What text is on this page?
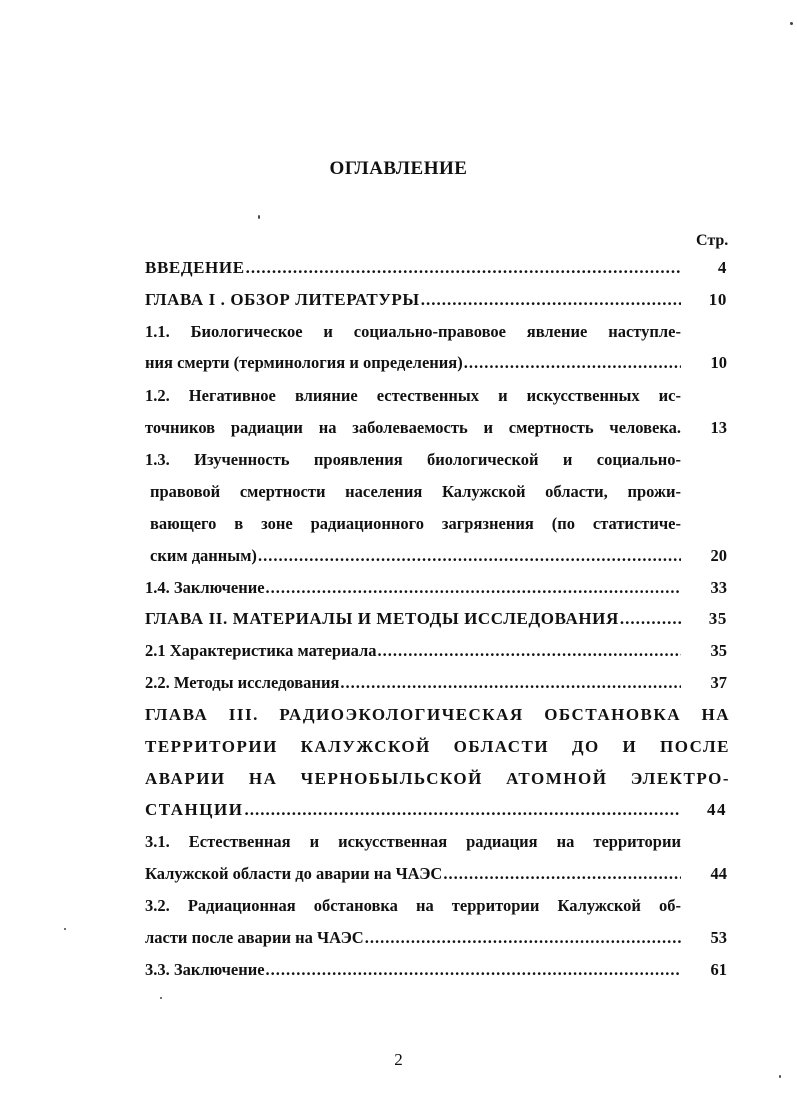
ОГЛАВЛЕНИЕ
Стр.
ВВЕДЕНИЕ .....	4
ГЛАВА I . ОБЗОР ЛИТЕРАТУРЫ .....	10
1.1. Биологическое и социально-правовое явление наступле-
ния смерти (терминология и определения) .....	10
1.2. Негативное влияние естественных и искусственных ис-
точников радиации на заболеваемость и смертность человека.	13
1.3. Изученность проявления биологической и социально-
правовой смертности населения Калужской области, прожи-
вающего в зоне радиационного загрязнения (по статистиче-
ским данным) .....	20
1.4. Заключение .....	33
ГЛАВА II. МАТЕРИАЛЫ И МЕТОДЫ ИССЛЕДОВАНИЯ .....	35
2.1 Характеристика материала .....	35
2.2. Методы исследования .....	37
ГЛАВА III. РАДИОЭКОЛОГИЧЕСКАЯ ОБСТАНОВКА НА
ТЕРРИТОРИИ КАЛУЖСКОЙ ОБЛАСТИ ДО И ПОСЛЕ
АВАРИИ НА ЧЕРНОБЫЛЬСКОЙ АТОМНОЙ ЭЛЕКТРО-
СТАНЦИИ .....	44
3.1. Естественная и искусственная радиация на территории
Калужской области до аварии на ЧАЭС .....	44
3.2. Радиационная обстановка на территории Калужской об-
ласти после аварии на ЧАЭС .....	53
3.3. Заключение .....	61
2
